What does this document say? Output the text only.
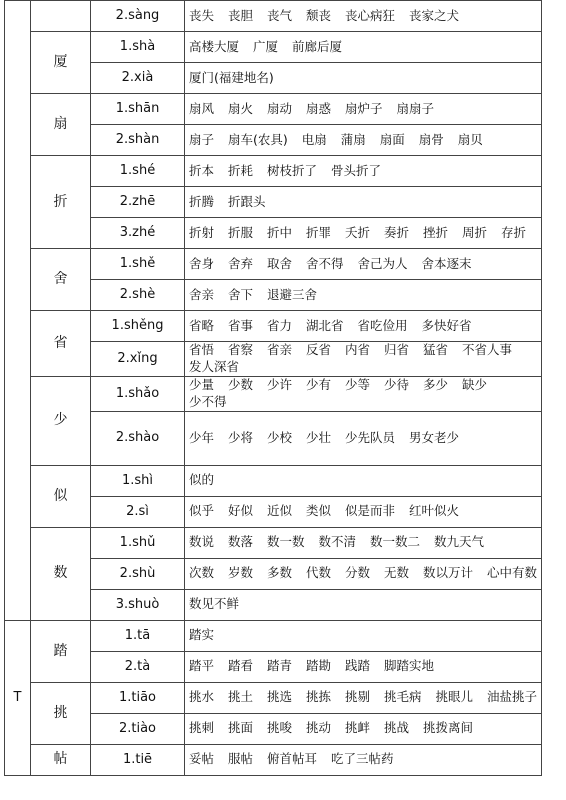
		2.sàng	丧失 丧胆 丧气 颓丧 丧心病狂 丧家之犬
	厦	1.shà	高楼大厦 广厦 前廊后厦
		2.xià	厦门(福建地名)
	扇	1.shān	扇风 扇火 扇动 扇惑 扇炉子 扇扇子
		2.shàn	扇子 扇车(农具) 电扇 蒲扇 扇面 扇骨 扇贝
	折	1.shé	折本 折耗 树枝折了 骨头折了
		2.zhē	折腾 折跟头
		3.zhé	折射 折服 折中 折罪 夭折 奏折 挫折 周折 存折
	舍	1.shě	舍身 舍弃 取舍 舍不得 舍己为人 舍本逐末
		2.shè	舍亲 舍下 退避三舍
	省	1.shěng	省略 省事 省力 湖北省 省吃俭用 多快好省
		2.xǐng	省悟 省察 省亲 反省 内省 归省 猛省 不省人事 发人深省
	少	1.shǎo	少量 少数 少许 少有 少等 少待 多少 缺少 少不得
		2.shào	少年 少将 少校 少壮 少先队员 男女老少
	似	1.shì	似的
		2.sì	似乎 好似 近似 类似 似是而非 红叶似火
	数	1.shǔ	数说 数落 数一数 数不清 数一数二 数九天气
		2.shù	次数 岁数 多数 代数 分数 无数 数以万计 心中有数
		3.shuò	数见不鲜
T	踏	1.tā	踏实
		2.tà	踏平 踏看 踏青 踏勘 践踏 脚踏实地
	挑	1.tiāo	挑水 挑土 挑选 挑拣 挑剔 挑毛病 挑眼儿 油盐挑子
		2.tiào	挑刺 挑面 挑唆 挑动 挑衅 挑战 挑拨离间
	帖	1.tiē	妥帖 服帖 俯首帖耳 吃了三帖药
